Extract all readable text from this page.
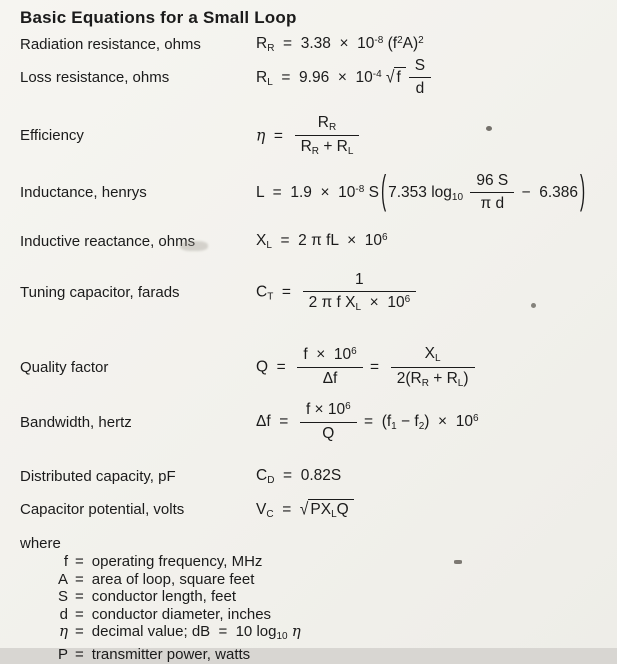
Basic Equations for a Small Loop
Radiation resistance, ohms	$R_R = 3.38 \times 10^{-8}$ $(f^2A)^2$
Loss resistance, ohms	$R_L = 9.96 \times 10^{-4}$ √ f $\frac{S}{d}$
Efficiency	$\eta = \frac{R_R}{R_R + R_L}$
Inductance, henrys	$L = 1.9 \times 10^{-8}$ S ( 7.353 $\log_{10} \frac{96 S}{\text{π d}} - 6.386$ )
Inductive reactance, ohms	$X_L = 2$ π fL  ×  $10^6$
Tuning capacitor, farads	$C_T = \frac{1}{2 \pi f X_L \times 10^6}$
Quality factor	$Q = \frac{f \times 10^6}{\Delta f} = \frac{X_L}{2(R_R + R_L)}$
Bandwidth, hertz	$\Delta f = \frac{f \times 10^6}{Q} = (f_1 - f_2) \times 10^6$
Distributed capacity, pF	$C_D = 0.82S$
Capacitor potential, volts	$V_C$  =  √ $PX_LQ$
where
f = operating frequency, MHz
A = area of loop, square feet
S = conductor length, feet
d = conductor diameter, inches
η = decimal value; dB  =  10 $\log_{10} \eta$
P = transmitter power, watts
